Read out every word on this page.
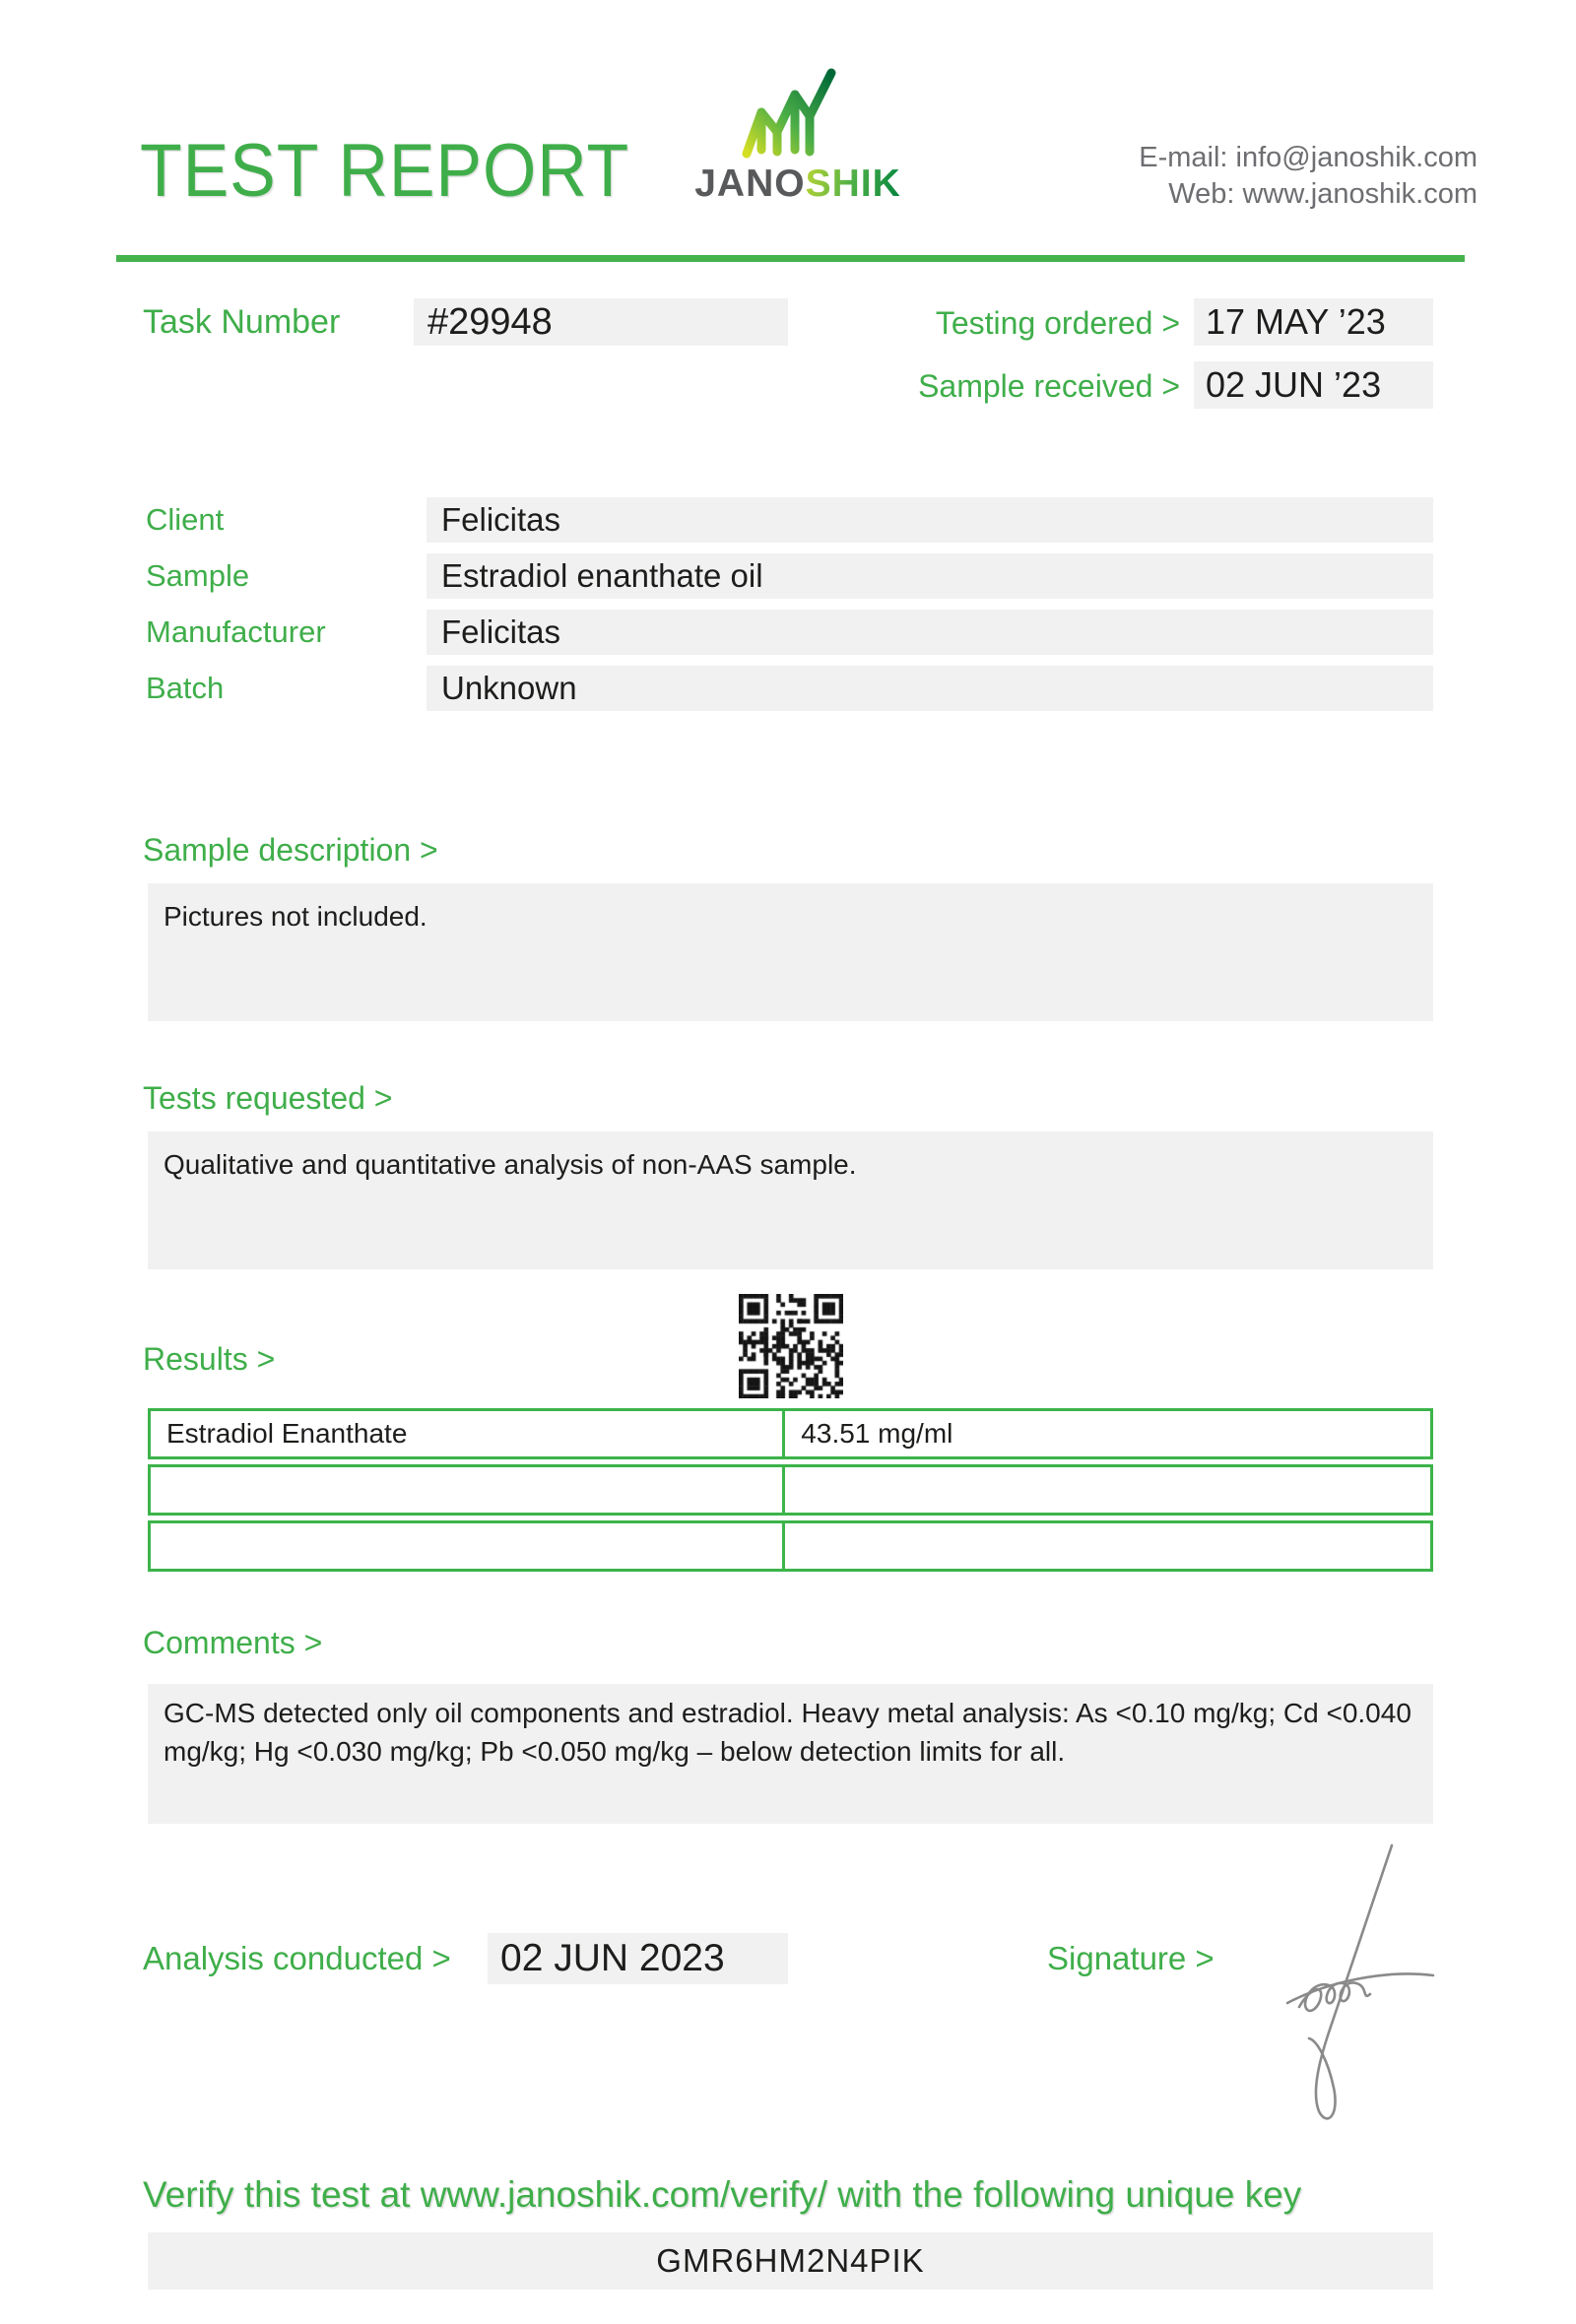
TEST REPORT	JANOSHIK
E-mail: info@janoshik.com
Web: www.janoshik.com
Task Number	#29948	Testing ordered > 17 MAY ’23
Sample received > 02 JUN ’23
Client	Felicitas
Sample	Estradiol enanthate oil
Manufacturer	Felicitas
Batch	Unknown
Sample description >
Pictures not included.
Tests requested >
Qualitative and quantitative analysis of non-AAS sample.
Results >
Estradiol Enanthate	43.51 mg/ml
Comments >
GC-MS detected only oil components and estradiol. Heavy metal analysis: As <0.10 mg/kg; Cd <0.040 mg/kg; Hg <0.030 mg/kg; Pb <0.050 mg/kg – below detection limits for all.
Analysis conducted >	02 JUN 2023	Signature >
Verify this test at www.janoshik.com/verify/ with the following unique key
GMR6HM2N4PIK
